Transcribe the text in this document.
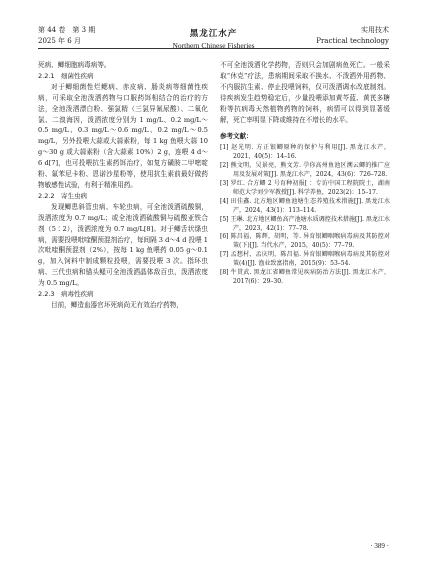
第 44 卷　第 3 期
2025 年 6 月
黑龙江水产
Northern Chinese Fisheries
实用技术
Practical technology

死病、鲫细胞病毒病等。

2.2.1　细菌性疾病

对于鲫细菌性烂鳃病、赤皮病、肠炎病等细菌性疾病，可采取全池泼洒药物与口服药饵相结合的治疗的方法，全池泼洒漂白粉、强氯精（三氯异氰尿酸）、二氧化氯、二溴海因，泼洒浓度分别为 1 mg/L、0.2 mg/L～0.5 mg/L、0.3 mg/L～0.6 mg/L、0.2 mg/L～0.5 mg/L，另外投喂大蒜或大蒜素粉，每 1 kg 鱼喂大蒜 10 g～30 g 或大蒜素粉（含大蒜素 10%）2 g，连喂 4 d～6 d[7]，也可投喂抗生素药饵治疗，如复方磺胺二甲嘧啶粉、氟苯尼卡粉、恩诺沙星粉等，使用抗生素前最好做药物敏感性试验，有利于精准用药。

2.2.2　寄生虫病

发现鲫患斜管虫病、车轮虫病，可全池泼洒硫酸铜，泼洒浓度为 0.7 mg/L；或全池泼洒硫酸铜与硫酸亚铁合剂（5∶2），泼洒浓度为 0.7 mg/L[8]。对于鲫舌状绦虫病，需要投喂吡喹酮预混剂治疗，每间隔 3 d～4 d 投喂 1 次吡喹酮预混剂（2%），按每 1 kg 鱼喂药 0.05 g～0.1 g，加入饲料中制成颗粒投喂，需要投喂 3 次。指环虫病、三代虫病和锚头鳋可全池泼洒晶体敌百虫，泼洒浓度为 0.5 mg/L。

2.2.3　病毒性疾病

目前，鲫造血器官坏死病尚无有效治疗药物，

不可全池泼洒化学药物，否则只会加剧病鱼死亡。一般采取“休克”疗法，患病期间采取不换水、不泼洒外用药物、不内服抗生素、停止投喂饲料，仅可泼洒调水改底制剂。待疾病发生趋势稳定后，少量投喂添加黄芩蓝、黄芪多糖粉等抗病毒天然植物药物的饲料，病情可以得到显著缓解，死亡率明显下降或维持在不增长的水平。

参考文献：
[1] 赵光明. 方正银鲫原种的保护与利用[J]. 黑龙江水产，2021，40(5)：14–16.
[2] 熊文明，吴景亮，熊文芳. 孕你高州鱼池区溯云鲫的推广应用及发展对策[J]. 黑龙江水产，2024，43(6)：726–728.
[3] 罗红. 合方鲫 2 号育种初报[ ：专访中国工程院院士，湖南师范大学刘少军教授[J]. 科学养鱼，2023(2)：15–17.
[4] 田佳鑫. 北方地区鲫鱼池塘生态养殖技术措施[J]. 黑龙江水产，2024，43(1)：113–114.
[5] 王琳. 北方地区鲫鱼高产池塘水质调控技术措施[J]. 黑龙江水产，2023，42(1)：77–78.
[6] 陈昌福，陈辉，胡明，等. 异育银鲫咽喉病毒病及其防控对策(下)[J]. 当代水产，2015，40(5)：77–79.
[7] 孟想村，孟庆明，陈昌福. 异育银鲫咽喉病毒病及其防控对策(4)[J]. 渔业致富指南，2015(9)：53–54.
[8] 牛贯武. 黑龙江省鲫鱼常见疾病防治方法[J]. 黑龙江水产，2017(6)：29–30.
· 389 ·
